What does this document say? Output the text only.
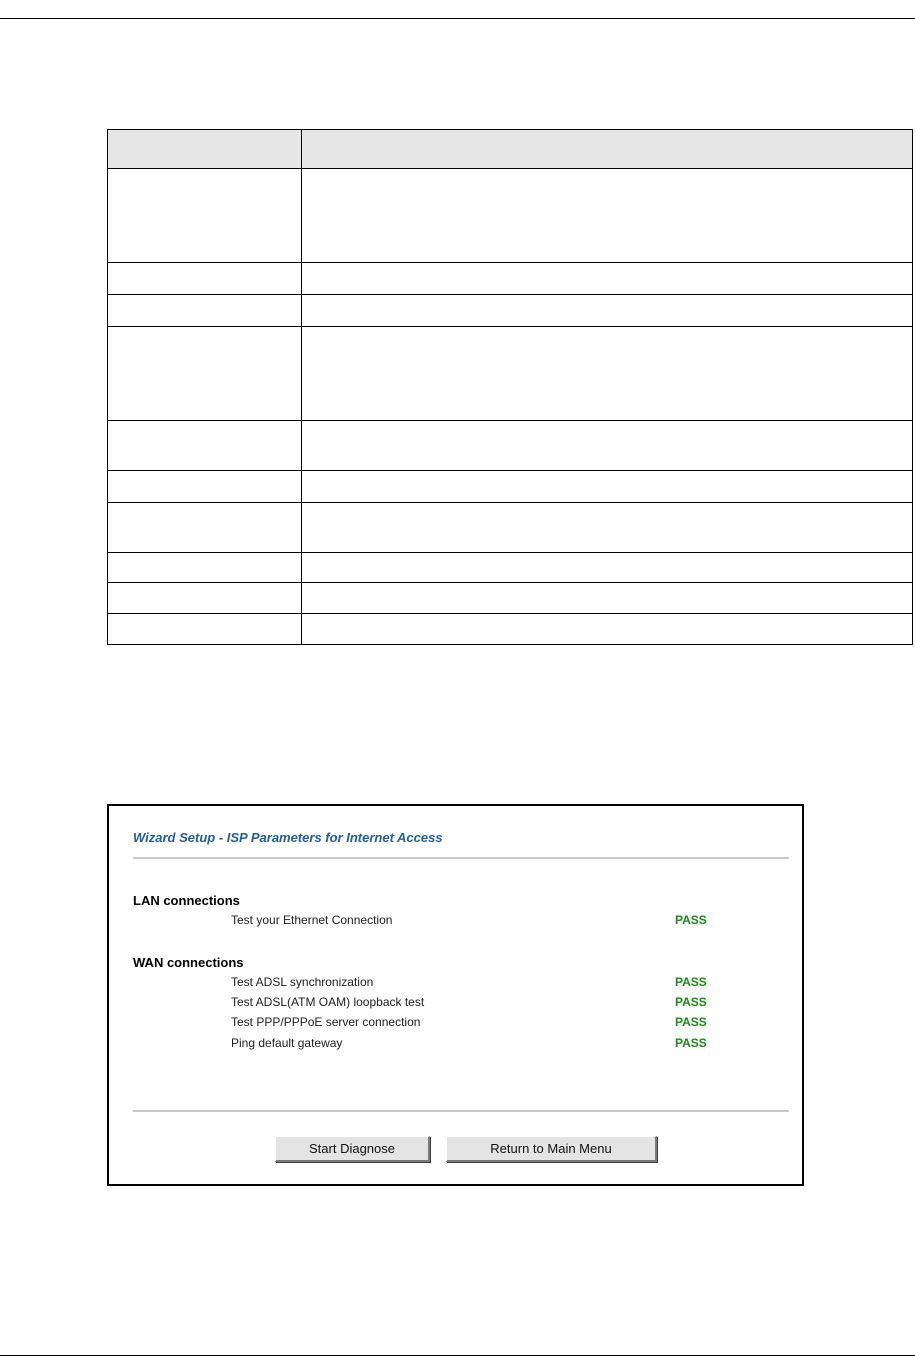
Wizard Setup - ISP Parameters for Internet Access
LAN connections
Test your Ethernet Connection	PASS
WAN connections
Test ADSL synchronization	PASS
Test ADSL(ATM OAM) loopback test	PASS
Test PPP/PPPoE server connection	PASS
Ping default gateway	PASS
Start Diagnose	Return to Main Menu
